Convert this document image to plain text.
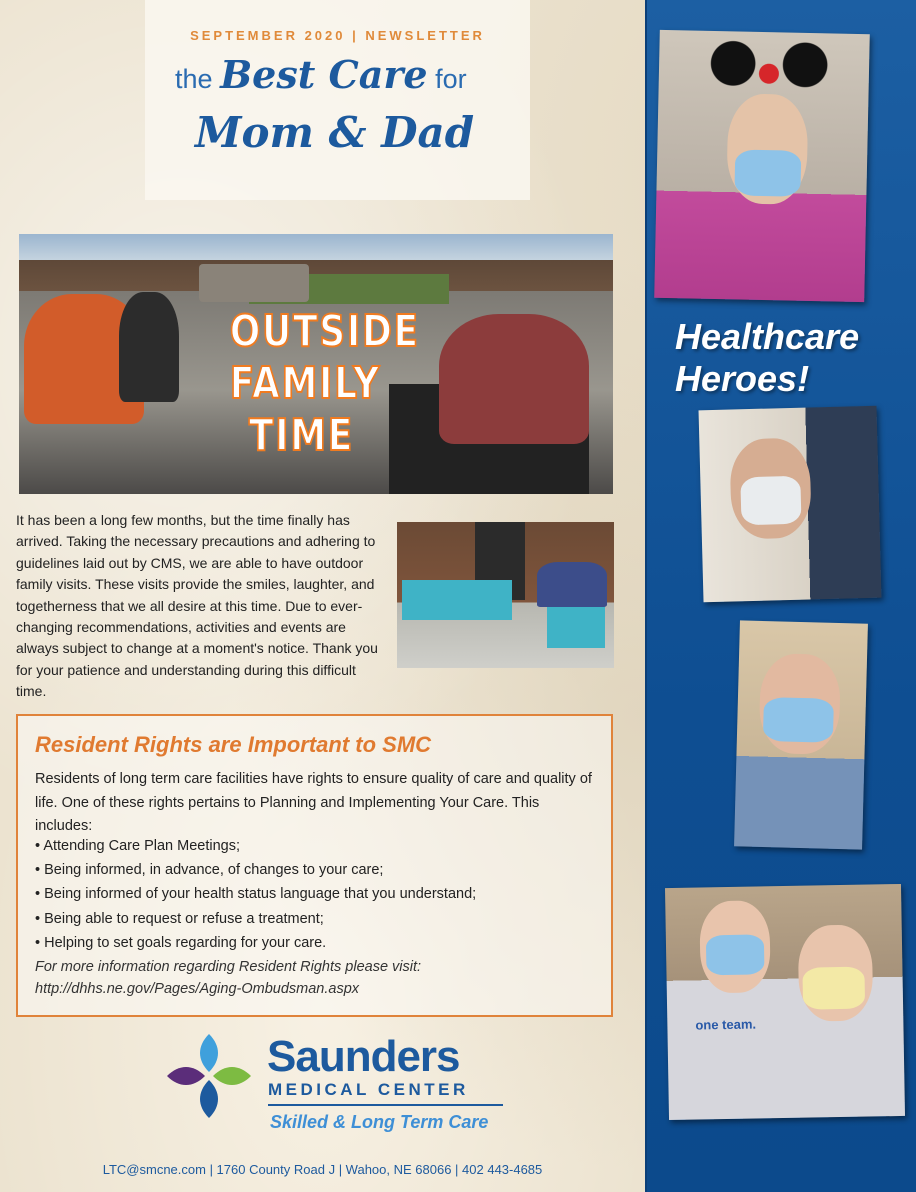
SEPTEMBER 2020 | NEWSLETTER
the Best Care for
Mom & Dad
OUTSIDE
FAMILY
TIME

It has been a long few months, but the time finally has arrived. Taking the necessary precautions and adhering to guidelines laid out by CMS, we are able to have outdoor family visits. These visits provide the smiles, laughter, and togetherness that we all desire at this time. Due to ever-changing recommendations, activities and events are always subject to change at a moment's notice. Thank you for your patience and understanding during this difficult time.

Resident Rights are Important to SMC

Residents of long term care facilities have rights to ensure quality of care and quality of life. One of these rights pertains to Planning and Implementing Your Care. This includes:

• Attending Care Plan Meetings;
• Being informed, in advance, of changes to your care;
• Being informed of your health status language that you understand;
• Being able to request or refuse a treatment;
• Helping to set goals regarding for your care.

For more information regarding Resident Rights please visit: http://dhhs.ne.gov/Pages/Aging-Ombudsman.aspx

Saunders
MEDICAL CENTER
Skilled & Long Term Care
LTC@smcne.com | 1760 County Road J | Wahoo, NE 68066 | 402 443-4685
Healthcare
Heroes!
one team.
